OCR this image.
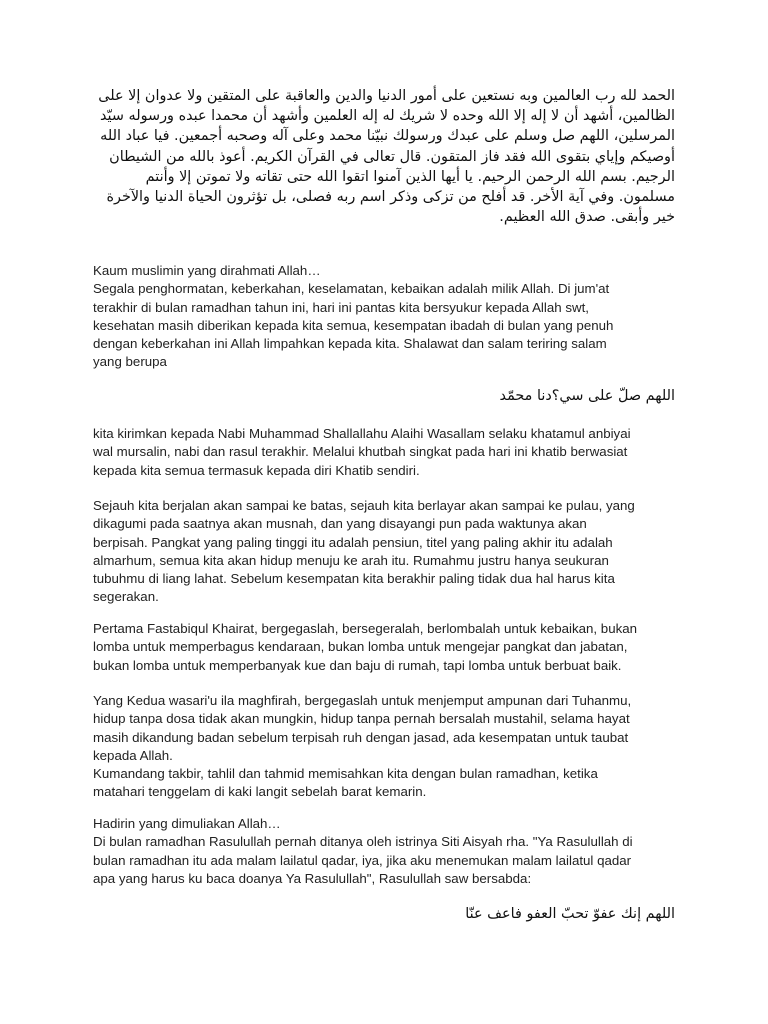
الحمد لله رب العالمين وبه نستعين على أمور الدنيا والدين والعاقبة على المتقين ولا عدوان إلا على الظالمين، أشهد أن لا إله إلا الله وحده لا شريك له إله العلمين وأشهد أن محمدا عبده ورسوله سيّد المرسلين، اللهم صل وسلم على عبدك ورسولك نبيّنا محمد وعلى آله وصحبه أجمعين. فيا عباد الله أوصيكم وإياي بتقوى الله فقد فاز المتقون. قال تعالى في القرآن الكريم. أعوذ بالله من الشيطان الرجيم. بسم الله الرحمن الرحيم. يا أيها الذين آمنوا اتقوا الله حتى تقاته ولا تموتن إلا وأنتم مسلمون. وفي آية الأخر. قد أفلح من تزكى وذكر اسم ربه فصلى، بل تؤثرون الحياة الدنيا والآخرة خير وأبقى. صدق الله العظيم.
Kaum muslimin yang dirahmati Allah…
Segala penghormatan, keberkahan, keselamatan, kebaikan adalah milik Allah. Di jum'at
terakhir di bulan ramadhan tahun ini, hari ini pantas kita bersyukur kepada Allah swt,
kesehatan masih diberikan kepada kita semua, kesempatan ibadah di bulan yang penuh
dengan keberkahan ini Allah limpahkan kepada kita. Shalawat dan salam teriring salam
yang berupa
اللهم صلّ على سي؟دنا محمّد
kita kirimkan kepada Nabi Muhammad Shallallahu Alaihi Wasallam selaku khatamul anbiyai
wal mursalin, nabi dan rasul terakhir. Melalui khutbah singkat pada hari ini khatib berwasiat
kepada kita semua termasuk kepada diri Khatib sendiri.
Sejauh kita berjalan akan sampai ke batas, sejauh kita berlayar akan sampai ke pulau, yang
dikagumi pada saatnya akan musnah, dan yang disayangi pun pada waktunya akan
berpisah. Pangkat yang paling tinggi itu adalah pensiun, titel yang paling akhir itu adalah
almarhum, semua kita akan hidup menuju ke arah itu. Rumahmu justru hanya seukuran
tubuhmu di liang lahat. Sebelum kesempatan kita berakhir paling tidak dua hal harus kita
segerakan.
Pertama Fastabiqul Khairat, bergegaslah, bersegeralah, berlombalah untuk kebaikan, bukan
lomba untuk memperbagus kendaraan, bukan lomba untuk mengejar pangkat dan jabatan,
bukan lomba untuk memperbanyak kue dan baju di rumah, tapi lomba untuk berbuat baik.
Yang Kedua wasari'u ila maghfirah, bergegaslah untuk menjemput ampunan dari Tuhanmu,
hidup tanpa dosa tidak akan mungkin, hidup tanpa pernah bersalah mustahil, selama hayat
masih dikandung badan sebelum terpisah ruh dengan jasad, ada kesempatan untuk taubat
kepada Allah.
Kumandang takbir, tahlil dan tahmid memisahkan kita dengan bulan ramadhan, ketika
matahari tenggelam di kaki langit sebelah barat kemarin.
Hadirin yang dimuliakan Allah…
Di bulan ramadhan Rasulullah pernah ditanya oleh istrinya Siti Aisyah rha. "Ya Rasulullah di
bulan ramadhan itu ada malam lailatul qadar, iya, jika aku menemukan malam lailatul qadar
apa yang harus ku baca doanya Ya Rasulullah", Rasulullah saw bersabda:
اللهم إنك عفوّ تحبّ العفو فاعف عنّا
